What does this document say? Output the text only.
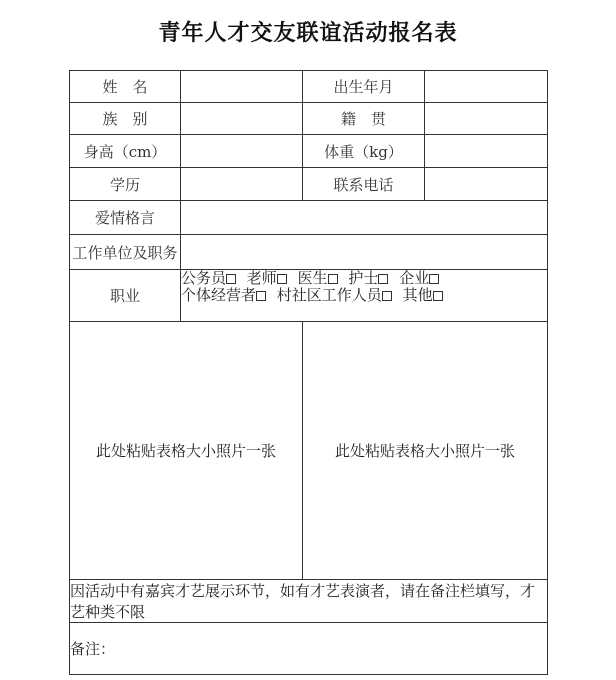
青年人才交友联谊活动报名表
姓　名		出生年月	
族　别		籍　贯	
身高（cm）		体重（kg）	
学历		联系电话	
爱情格言			
工作单位及职务			
职业	公务员 老师 医生 护士 企业
个体经营者 村社区工作人员 其他		
此处粘贴表格大小照片一张		此处粘贴表格大小照片一张	
因活动中有嘉宾才艺展示环节，如有才艺表演者，请在备注栏填写，才艺种类不限			
备注：			
